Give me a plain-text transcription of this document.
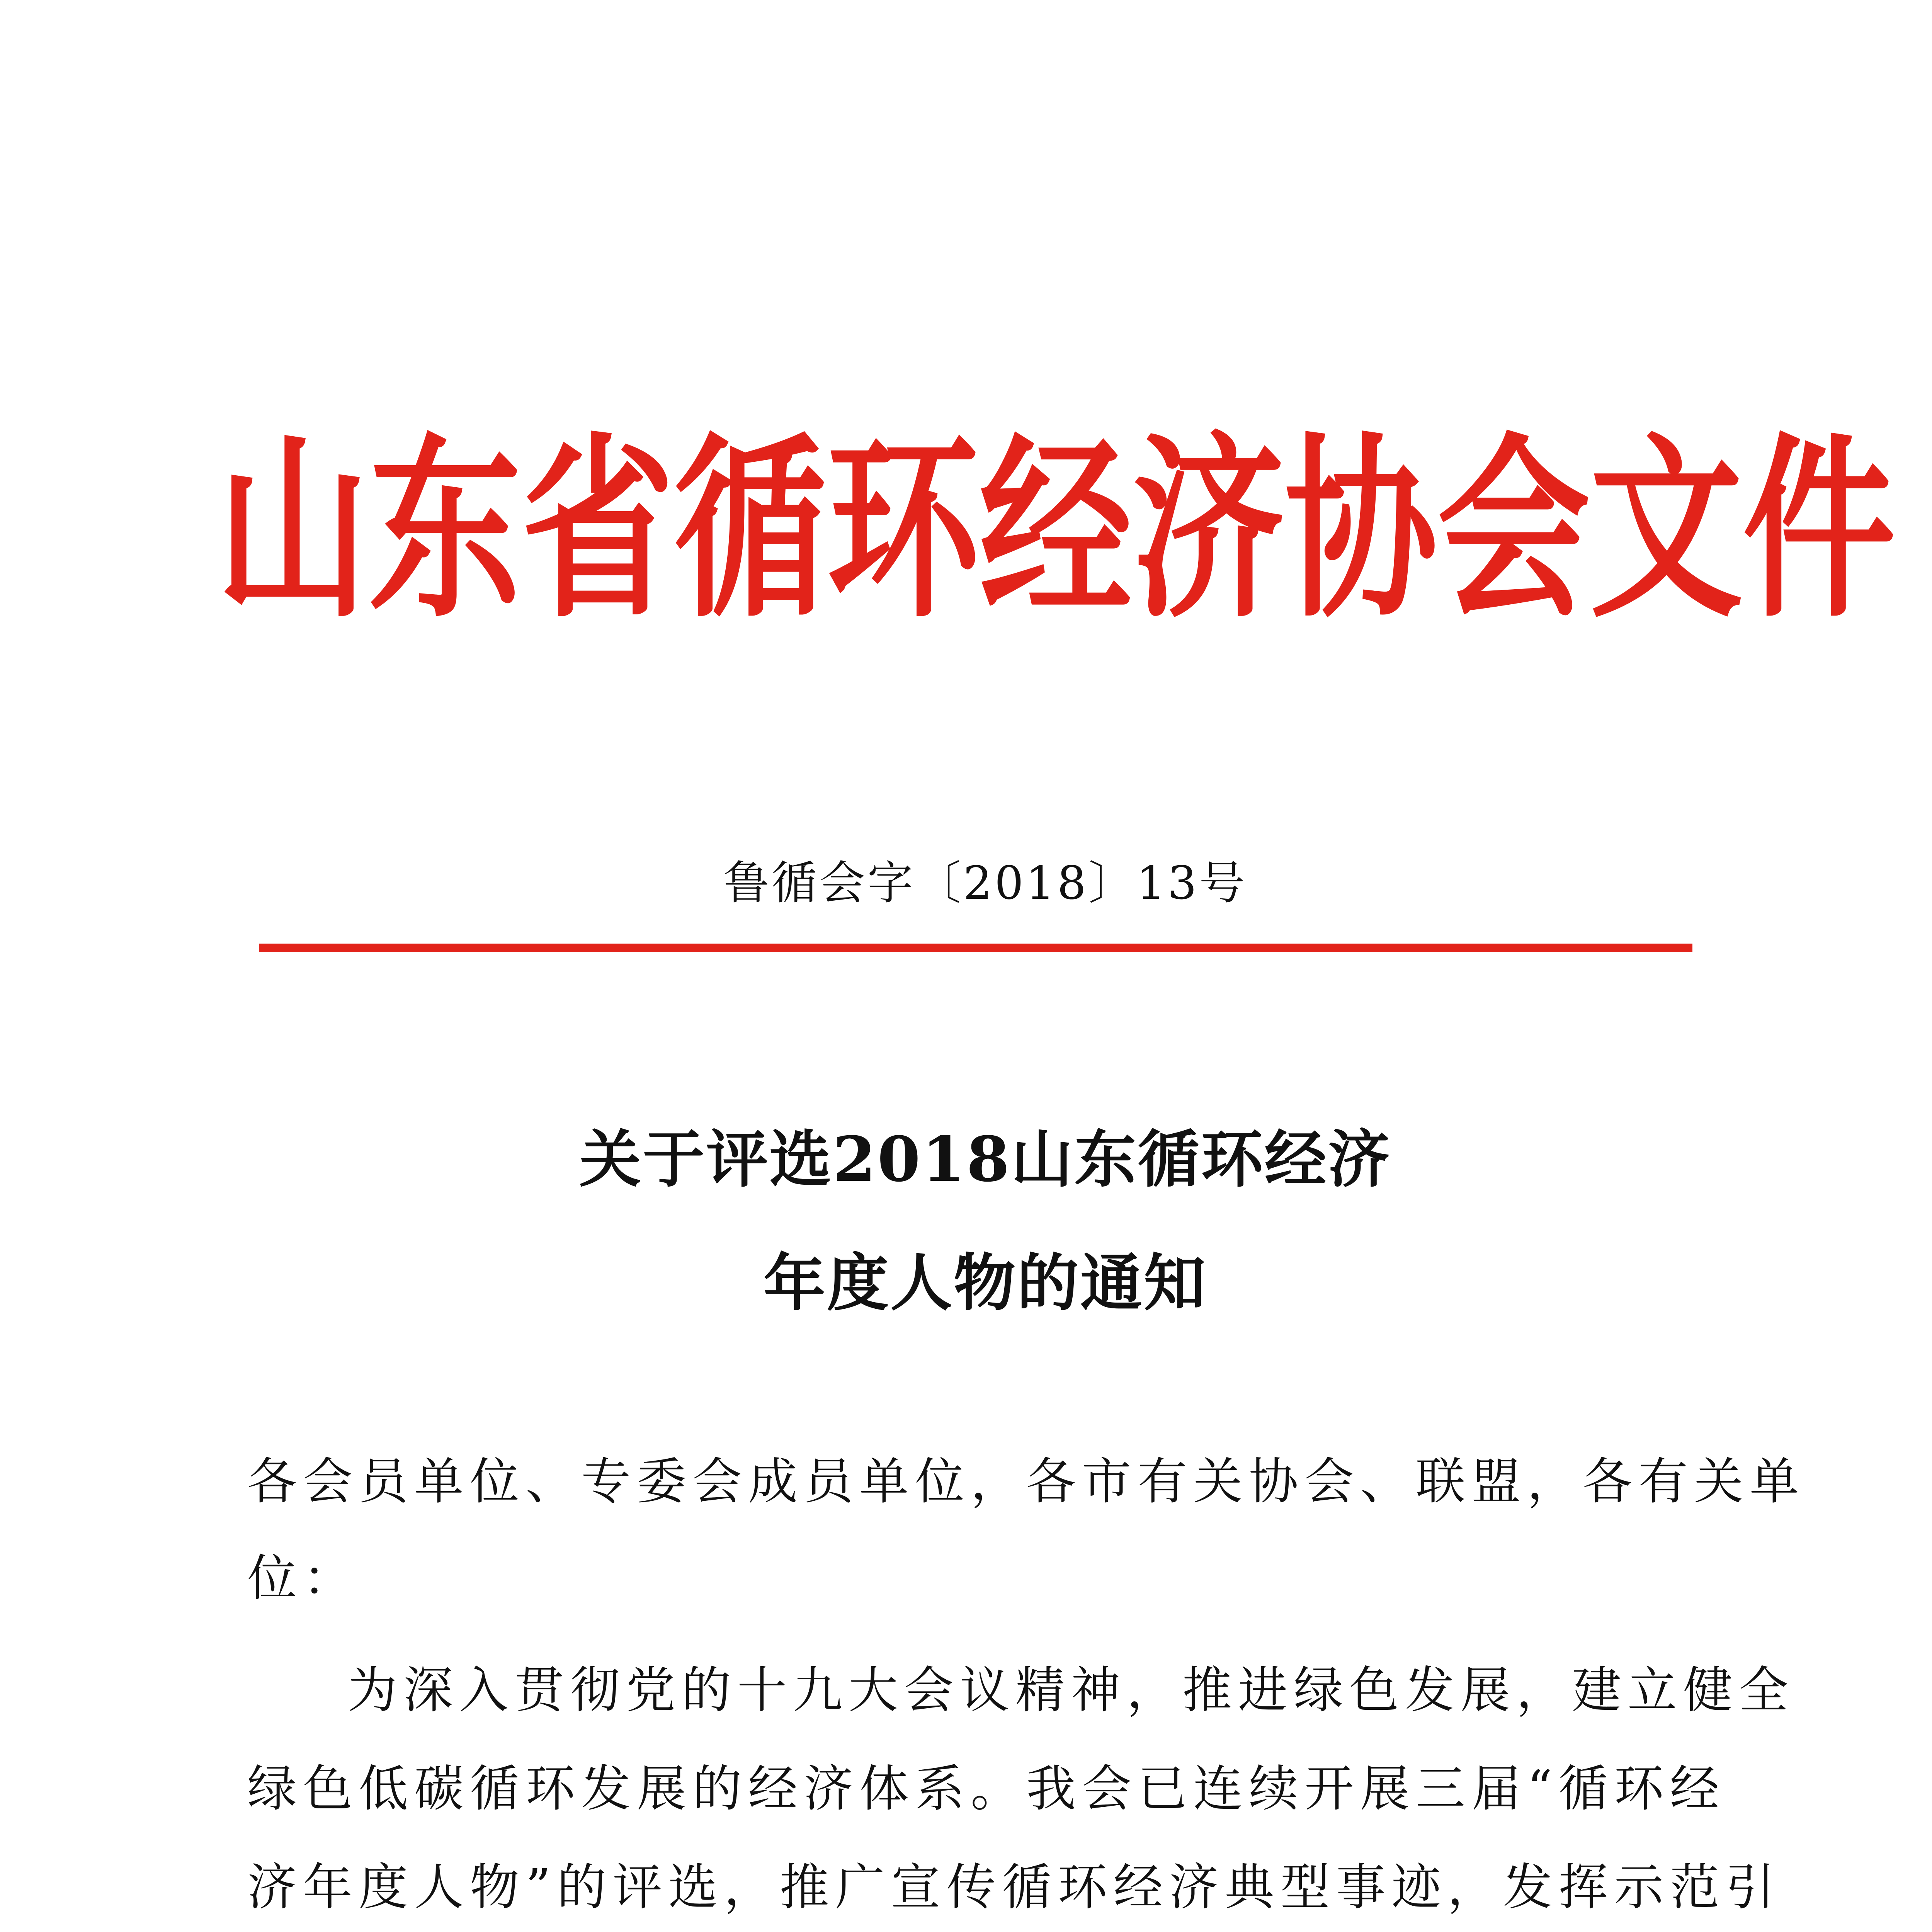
山东省循环经济协会文件
鲁循会字〔2018〕13号
关于评选2018山东循环经济
年度人物的通知
各会员单位、专委会成员单位，各市有关协会、联盟，各有关单
位：
为深入贯彻党的十九大会议精神，推进绿色发展，建立健全
绿色低碳循环发展的经济体系。我会已连续开展三届“循环经
济年度人物”的评选，推广宣传循环经济典型事迹，发挥示范引
